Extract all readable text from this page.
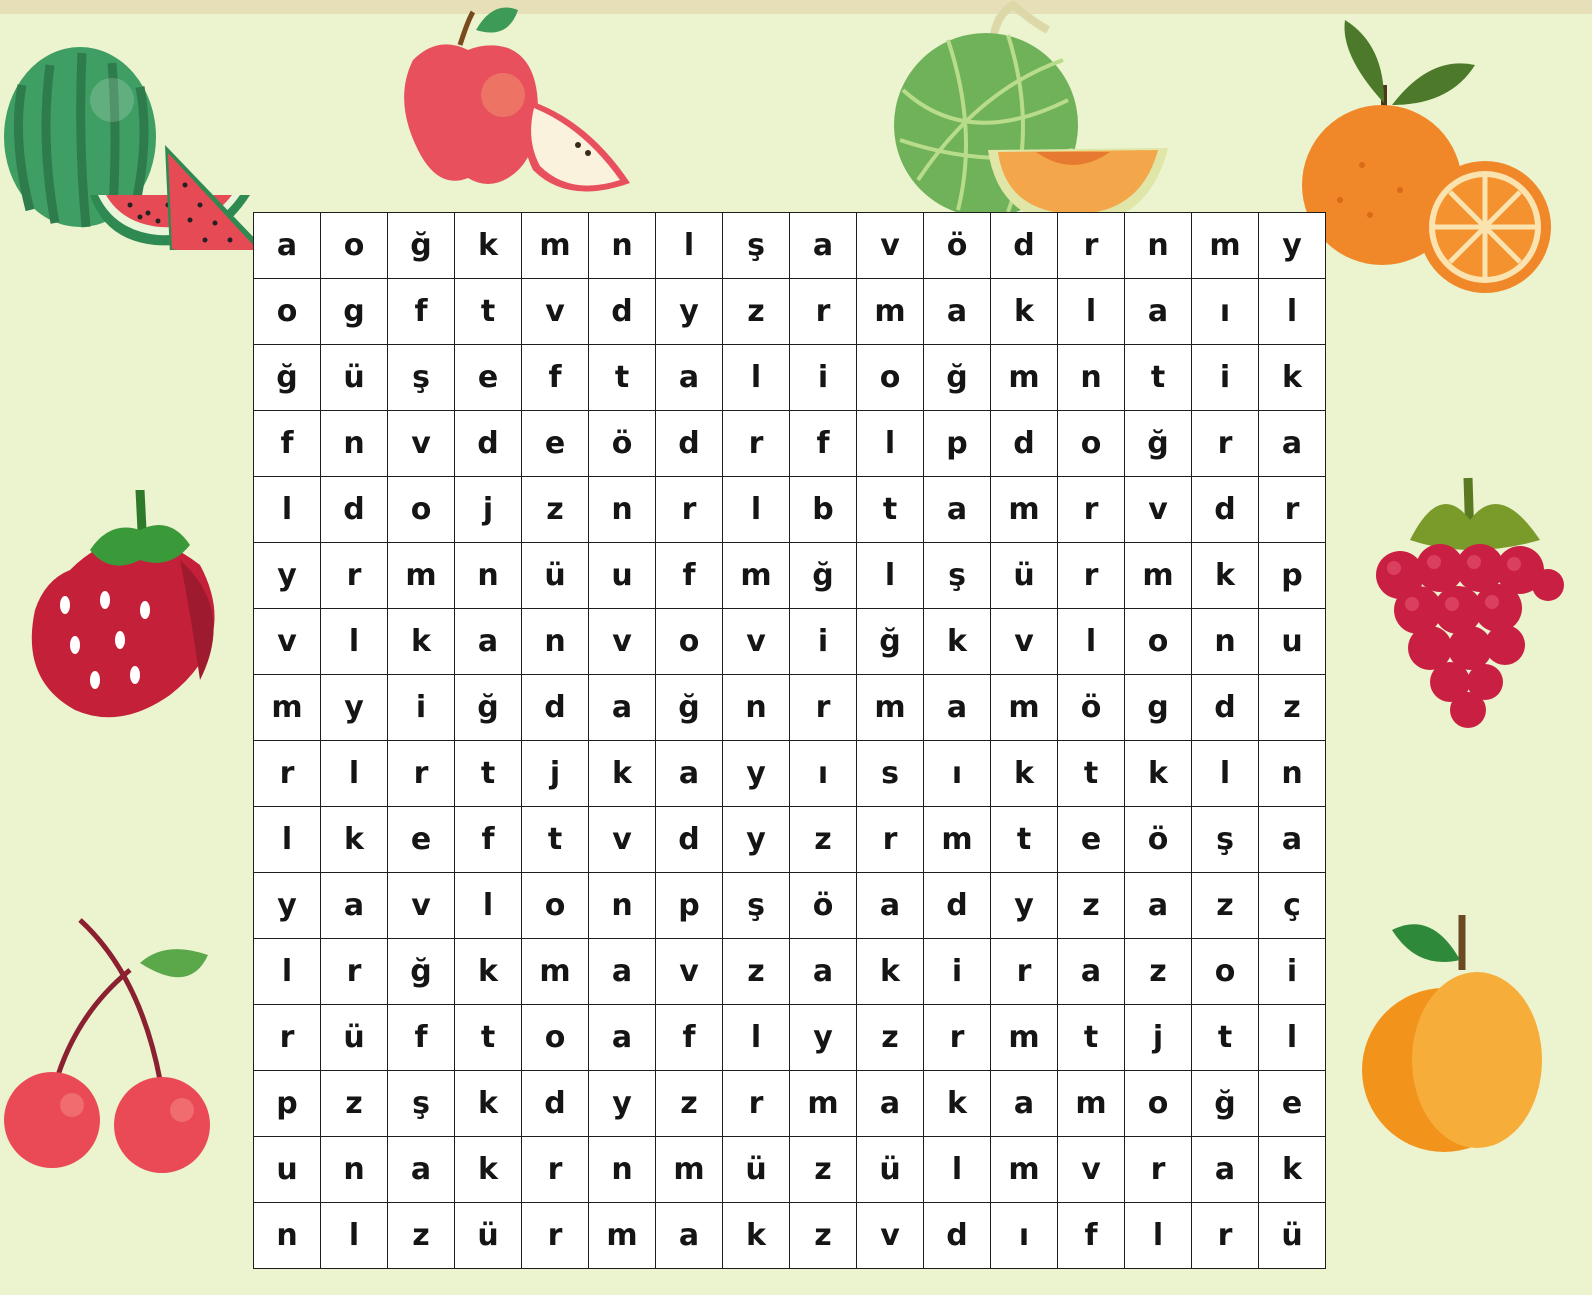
a	o	ğ	k	m	n	l	ş	a	v	ö	d	r	n	m	y
o	g	f	t	v	d	y	z	r	m	a	k	l	a	ı	l
ğ	ü	ş	e	f	t	a	l	i	o	ğ	m	n	t	i	k
f	n	v	d	e	ö	d	r	f	l	p	d	o	ğ	r	a
l	d	o	j	z	n	r	l	b	t	a	m	r	v	d	r
y	r	m	n	ü	u	f	m	ğ	l	ş	ü	r	m	k	p
v	l	k	a	n	v	o	v	i	ğ	k	v	l	o	n	u
m	y	i	ğ	d	a	ğ	n	r	m	a	m	ö	g	d	z
r	l	r	t	j	k	a	y	ı	s	ı	k	t	k	l	n
l	k	e	f	t	v	d	y	z	r	m	t	e	ö	ş	a
y	a	v	l	o	n	p	ş	ö	a	d	y	z	a	z	ç
l	r	ğ	k	m	a	v	z	a	k	i	r	a	z	o	i
r	ü	f	t	o	a	f	l	y	z	r	m	t	j	t	l
p	z	ş	k	d	y	z	r	m	a	k	a	m	o	ğ	e
u	n	a	k	r	n	m	ü	z	ü	l	m	v	r	a	k
n	l	z	ü	r	m	a	k	z	v	d	ı	f	l	r	ü
